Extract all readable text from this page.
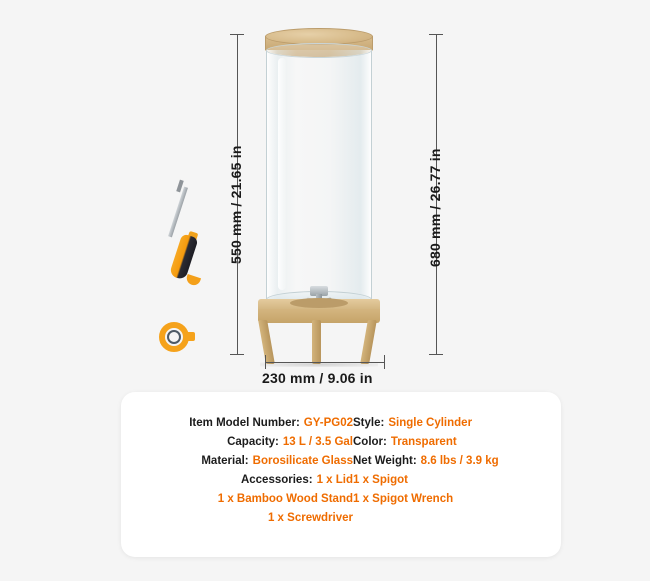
550 mm / 21.65 in	680 mm / 26.77 in
230 mm / 9.06 in
Item Model Number: GY-PG02 Style: Single Cylinder
Capacity: 13 L / 3.5 Gal Color: Transparent
Material: Borosilicate Glass Net Weight: 8.6 lbs / 3.9 kg
Accessories: 1 x Lid 1 x Spigot
1 x Bamboo Wood Stand 1 x Spigot Wrench
1 x Screwdriver
